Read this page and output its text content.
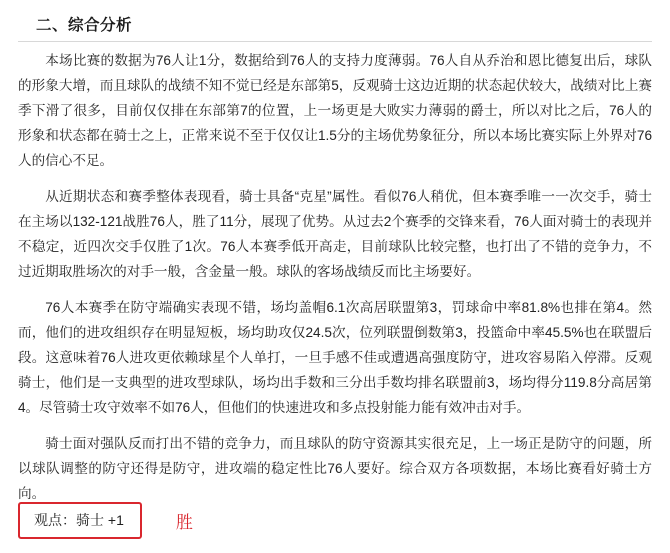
二、综合分析

本场比赛的数据为76人让1分，数据给到76人的支持力度薄弱。76人自从乔治和恩比德复出后，球队的形象大增，而且球队的战绩不知不觉已经是东部第5，反观骑士这边近期的状态起伏较大，战绩对比上赛季下滑了很多，目前仅仅排在东部第7的位置，上一场更是大败实力薄弱的爵士，所以对比之后，76人的形象和状态都在骑士之上，正常来说不至于仅仅让1.5分的主场优势象征分，所以本场比赛实际上外界对76人的信心不足。

从近期状态和赛季整体表现看，骑士具备“克星”属性。看似76人稍优，但本赛季唯一一次交手，骑士在主场以132-121战胜76人，胜了11分，展现了优势。从过去2个赛季的交锋来看，76人面对骑士的表现并不稳定，近四次交手仅胜了1次。76人本赛季低开高走，目前球队比较完整，也打出了不错的竞争力，不过近期取胜场次的对手一般，含金量一般。球队的客场战绩反而比主场要好。

76人本赛季在防守端确实表现不错，场均盖帽6.1次高居联盟第3，罚球命中率81.8%也排在第4。然而，他们的进攻组织存在明显短板，场均助攻仅24.5次，位列联盟倒数第3，投篮命中率45.5%也在联盟后段。这意味着76人进攻更依赖球星个人单打，一旦手感不佳或遭遇高强度防守，进攻容易陷入停滞。反观骑士，他们是一支典型的进攻型球队，场均出手数和三分出手数均排名联盟前3，场均得分119.8分高居第4。尽管骑士攻守效率不如76人，但他们的快速进攻和多点投射能力能有效冲击对手。

骑士面对强队反而打出不错的竞争力，而且球队的防守资源其实很充足，上一场正是防守的问题，所以球队调整的防守还得是防守，进攻端的稳定性比76人要好。综合双方各项数据，本场比赛看好骑士方向。

观点：骑士 +1	胜
